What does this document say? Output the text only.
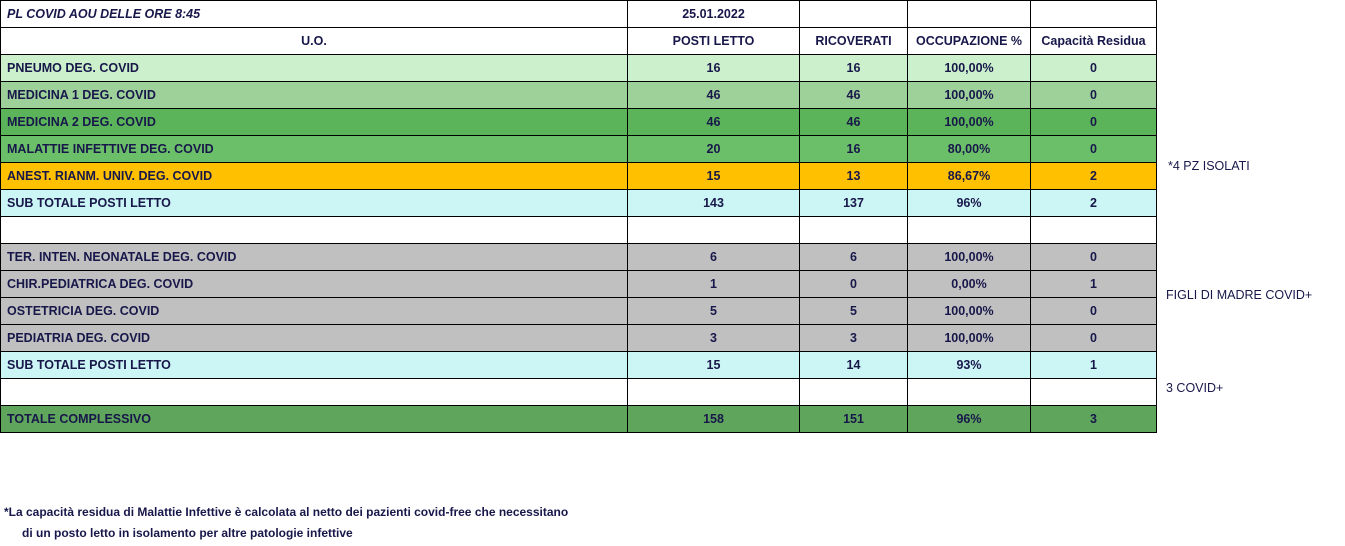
PL COVID AOU DELLE ORE 8:45	25.01.2022			
U.O.	POSTI LETTO	RICOVERATI	OCCUPAZIONE %	Capacità Residua
PNEUMO DEG. COVID	16	16	100,00%	0
MEDICINA 1 DEG. COVID	46	46	100,00%	0
MEDICINA 2 DEG. COVID	46	46	100,00%	0
MALATTIE INFETTIVE DEG. COVID	20	16	80,00%	0
ANEST. RIANM. UNIV. DEG. COVID	15	13	86,67%	2
SUB TOTALE POSTI LETTO	143	137	96%	2

TER. INTEN. NEONATALE DEG. COVID	6	6	100,00%	0
CHIR.PEDIATRICA DEG. COVID	1	0	0,00%	1
OSTETRICIA DEG. COVID	5	5	100,00%	0
PEDIATRIA DEG. COVID	3	3	100,00%	0
SUB TOTALE POSTI LETTO	15	14	93%	1

TOTALE COMPLESSIVO	158	151	96%	3
*4 PZ ISOLATI
FIGLI DI MADRE COVID+
3 COVID+
*La capacità residua di Malattie Infettive è calcolata al netto dei pazienti covid-free che necessitano
di un posto letto in isolamento per altre patologie infettive
